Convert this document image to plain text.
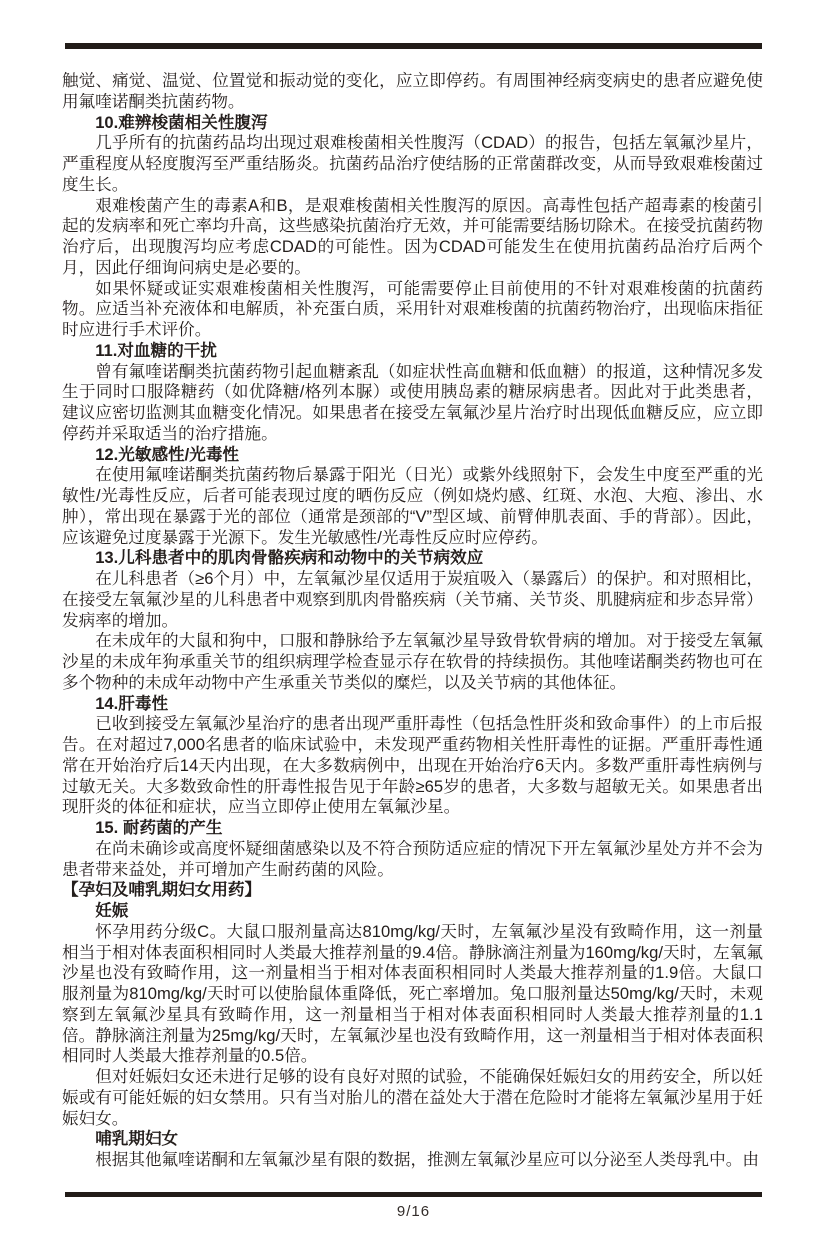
触觉、痛觉、温觉、位置觉和振动觉的变化，应立即停药。有周围神经病变病史的患者应避免使用氟喹诺酮类抗菌药物。
10.难辨梭菌相关性腹泻
几乎所有的抗菌药品均出现过艰难梭菌相关性腹泻（CDAD）的报告，包括左氧氟沙星片，严重程度从轻度腹泻至严重结肠炎。抗菌药品治疗使结肠的正常菌群改变，从而导致艰难梭菌过度生长。
艰难梭菌产生的毒素A和B，是艰难梭菌相关性腹泻的原因。高毒性包括产超毒素的梭菌引起的发病率和死亡率均升高，这些感染抗菌治疗无效，并可能需要结肠切除术。在接受抗菌药物治疗后，出现腹泻均应考虑CDAD的可能性。因为CDAD可能发生在使用抗菌药品治疗后两个月，因此仔细询问病史是必要的。
如果怀疑或证实艰难梭菌相关性腹泻，可能需要停止目前使用的不针对艰难梭菌的抗菌药物。应适当补充液体和电解质，补充蛋白质，采用针对艰难梭菌的抗菌药物治疗，出现临床指征时应进行手术评价。
11.对血糖的干扰
曾有氟喹诺酮类抗菌药物引起血糖紊乱（如症状性高血糖和低血糖）的报道，这种情况多发生于同时口服降糖药（如优降糖/格列本脲）或使用胰岛素的糖尿病患者。因此对于此类患者，建议应密切监测其血糖变化情况。如果患者在接受左氧氟沙星片治疗时出现低血糖反应，应立即停药并采取适当的治疗措施。
12.光敏感性/光毒性
在使用氟喹诺酮类抗菌药物后暴露于阳光（日光）或紫外线照射下，会发生中度至严重的光敏性/光毒性反应，后者可能表现过度的晒伤反应（例如烧灼感、红斑、水泡、大疱、渗出、水肿），常出现在暴露于光的部位（通常是颈部的“V”型区域、前臂伸肌表面、手的背部）。因此，应该避免过度暴露于光源下。发生光敏感性/光毒性反应时应停药。
13.儿科患者中的肌肉骨骼疾病和动物中的关节病效应
在儿科患者（≥6个月）中，左氧氟沙星仅适用于炭疽吸入（暴露后）的保护。和对照相比，在接受左氧氟沙星的儿科患者中观察到肌肉骨骼疾病（关节痛、关节炎、肌腱病症和步态异常）发病率的增加。
在未成年的大鼠和狗中，口服和静脉给予左氧氟沙星导致骨软骨病的增加。对于接受左氧氟沙星的未成年狗承重关节的组织病理学检查显示存在软骨的持续损伤。其他喹诺酮类药物也可在多个物种的未成年动物中产生承重关节类似的糜烂，以及关节病的其他体征。
14.肝毒性
已收到接受左氧氟沙星治疗的患者出现严重肝毒性（包括急性肝炎和致命事件）的上市后报告。在对超过7,000名患者的临床试验中，未发现严重药物相关性肝毒性的证据。严重肝毒性通常在开始治疗后14天内出现，在大多数病例中，出现在开始治疗6天内。多数严重肝毒性病例与过敏无关。大多数致命性的肝毒性报告见于年龄≥65岁的患者，大多数与超敏无关。如果患者出现肝炎的体征和症状，应当立即停止使用左氧氟沙星。
15. 耐药菌的产生
在尚未确诊或高度怀疑细菌感染以及不符合预防适应症的情况下开左氧氟沙星处方并不会为患者带来益处，并可增加产生耐药菌的风险。
【孕妇及哺乳期妇女用药】
妊娠
怀孕用药分级C。大鼠口服剂量高达810mg/kg/天时，左氧氟沙星没有致畸作用，这一剂量相当于相对体表面积相同时人类最大推荐剂量的9.4倍。静脉滴注剂量为160mg/kg/天时，左氧氟沙星也没有致畸作用，这一剂量相当于相对体表面积相同时人类最大推荐剂量的1.9倍。大鼠口服剂量为810mg/kg/天时可以使胎鼠体重降低，死亡率增加。兔口服剂量达50mg/kg/天时，未观察到左氧氟沙星具有致畸作用，这一剂量相当于相对体表面积相同时人类最大推荐剂量的1.1倍。静脉滴注剂量为25mg/kg/天时，左氧氟沙星也没有致畸作用，这一剂量相当于相对体表面积相同时人类最大推荐剂量的0.5倍。
但对妊娠妇女还未进行足够的设有良好对照的试验，不能确保妊娠妇女的用药安全，所以妊娠或有可能妊娠的妇女禁用。只有当对胎儿的潜在益处大于潜在危险时才能将左氧氟沙星用于妊娠妇女。
哺乳期妇女
根据其他氟喹诺酮和左氧氟沙星有限的数据，推测左氧氟沙星应可以分泌至人类母乳中。由
9/16
